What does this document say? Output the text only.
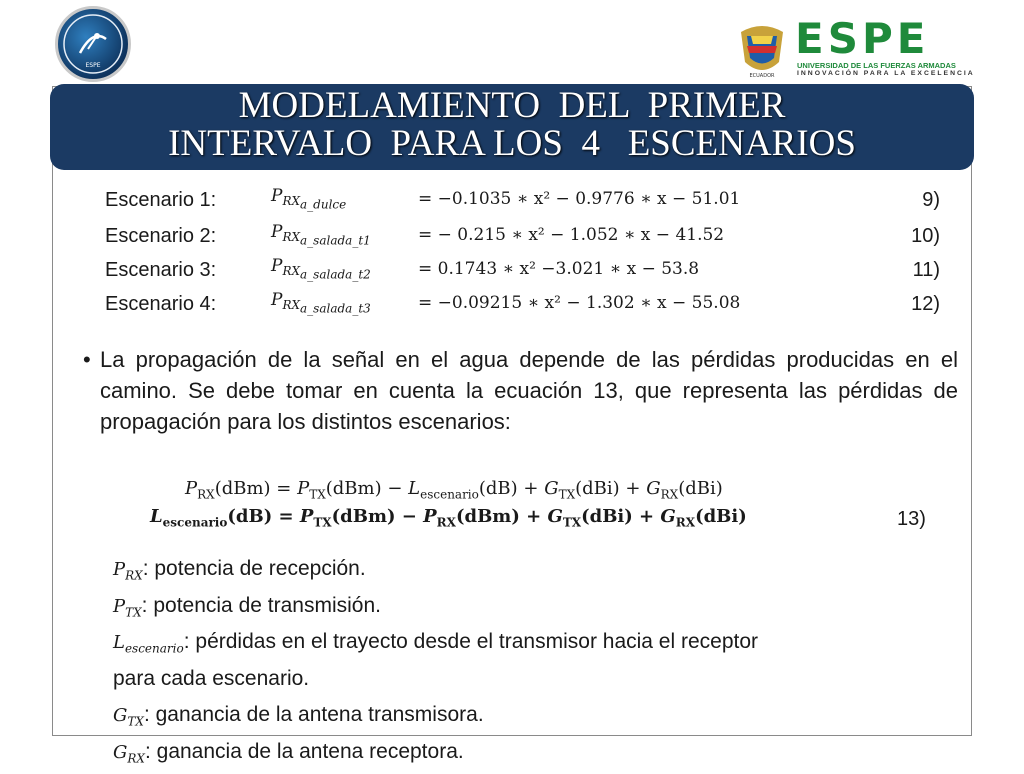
ESPE
ECUADOR
ESPE
UNIVERSIDAD DE LAS FUERZAS ARMADAS
INNOVACIÓN PARA LA EXCELENCIA
MODELAMIENTO  DEL  PRIMER
INTERVALO  PARA LOS  4   ESCENARIOS
Escenario 1:	$P_{RX_{a\_dulce}}$	= −0.1035 ∗ x² − 0.9776 ∗ x − 51.01	9)
Escenario 2:	$P_{RX_{a\_salada\_t1}}$	= − 0.215 ∗ x² − 1.052 ∗ x − 41.52	10)
Escenario 3:	$P_{RX_{a\_salada\_t2}}$	= 0.1743 ∗ x² −3.021 ∗ x − 53.8	11)
Escenario 4:	$P_{RX_{a\_salada\_t3}}$	= −0.09215 ∗ x² − 1.302 ∗ x − 55.08	12)
• La propagación de la señal en el agua depende de las pérdidas producidas en el camino. Se debe tomar en cuenta la ecuación 13, que representa las pérdidas de propagación para los distintos escenarios:
$P_{RX}(dBm) = P_{TX}(dBm) - L_{escenario}(dB) + G_{TX}(dBi) + G_{RX}(dBi)$
$L_{escenario}(dB) = P_{TX}(dBm) - P_{RX}(dBm) + G_{TX}(dBi) + G_{RX}(dBi)$	13)
$P_{RX}$: potencia de recepción.
$P_{TX}$: potencia de transmisión.
$L_{escenario}$: pérdidas en el trayecto desde el transmisor hacia el receptor
para cada escenario.
$G_{TX}$: ganancia de la antena transmisora.
$G_{RX}$: ganancia de la antena receptora.
